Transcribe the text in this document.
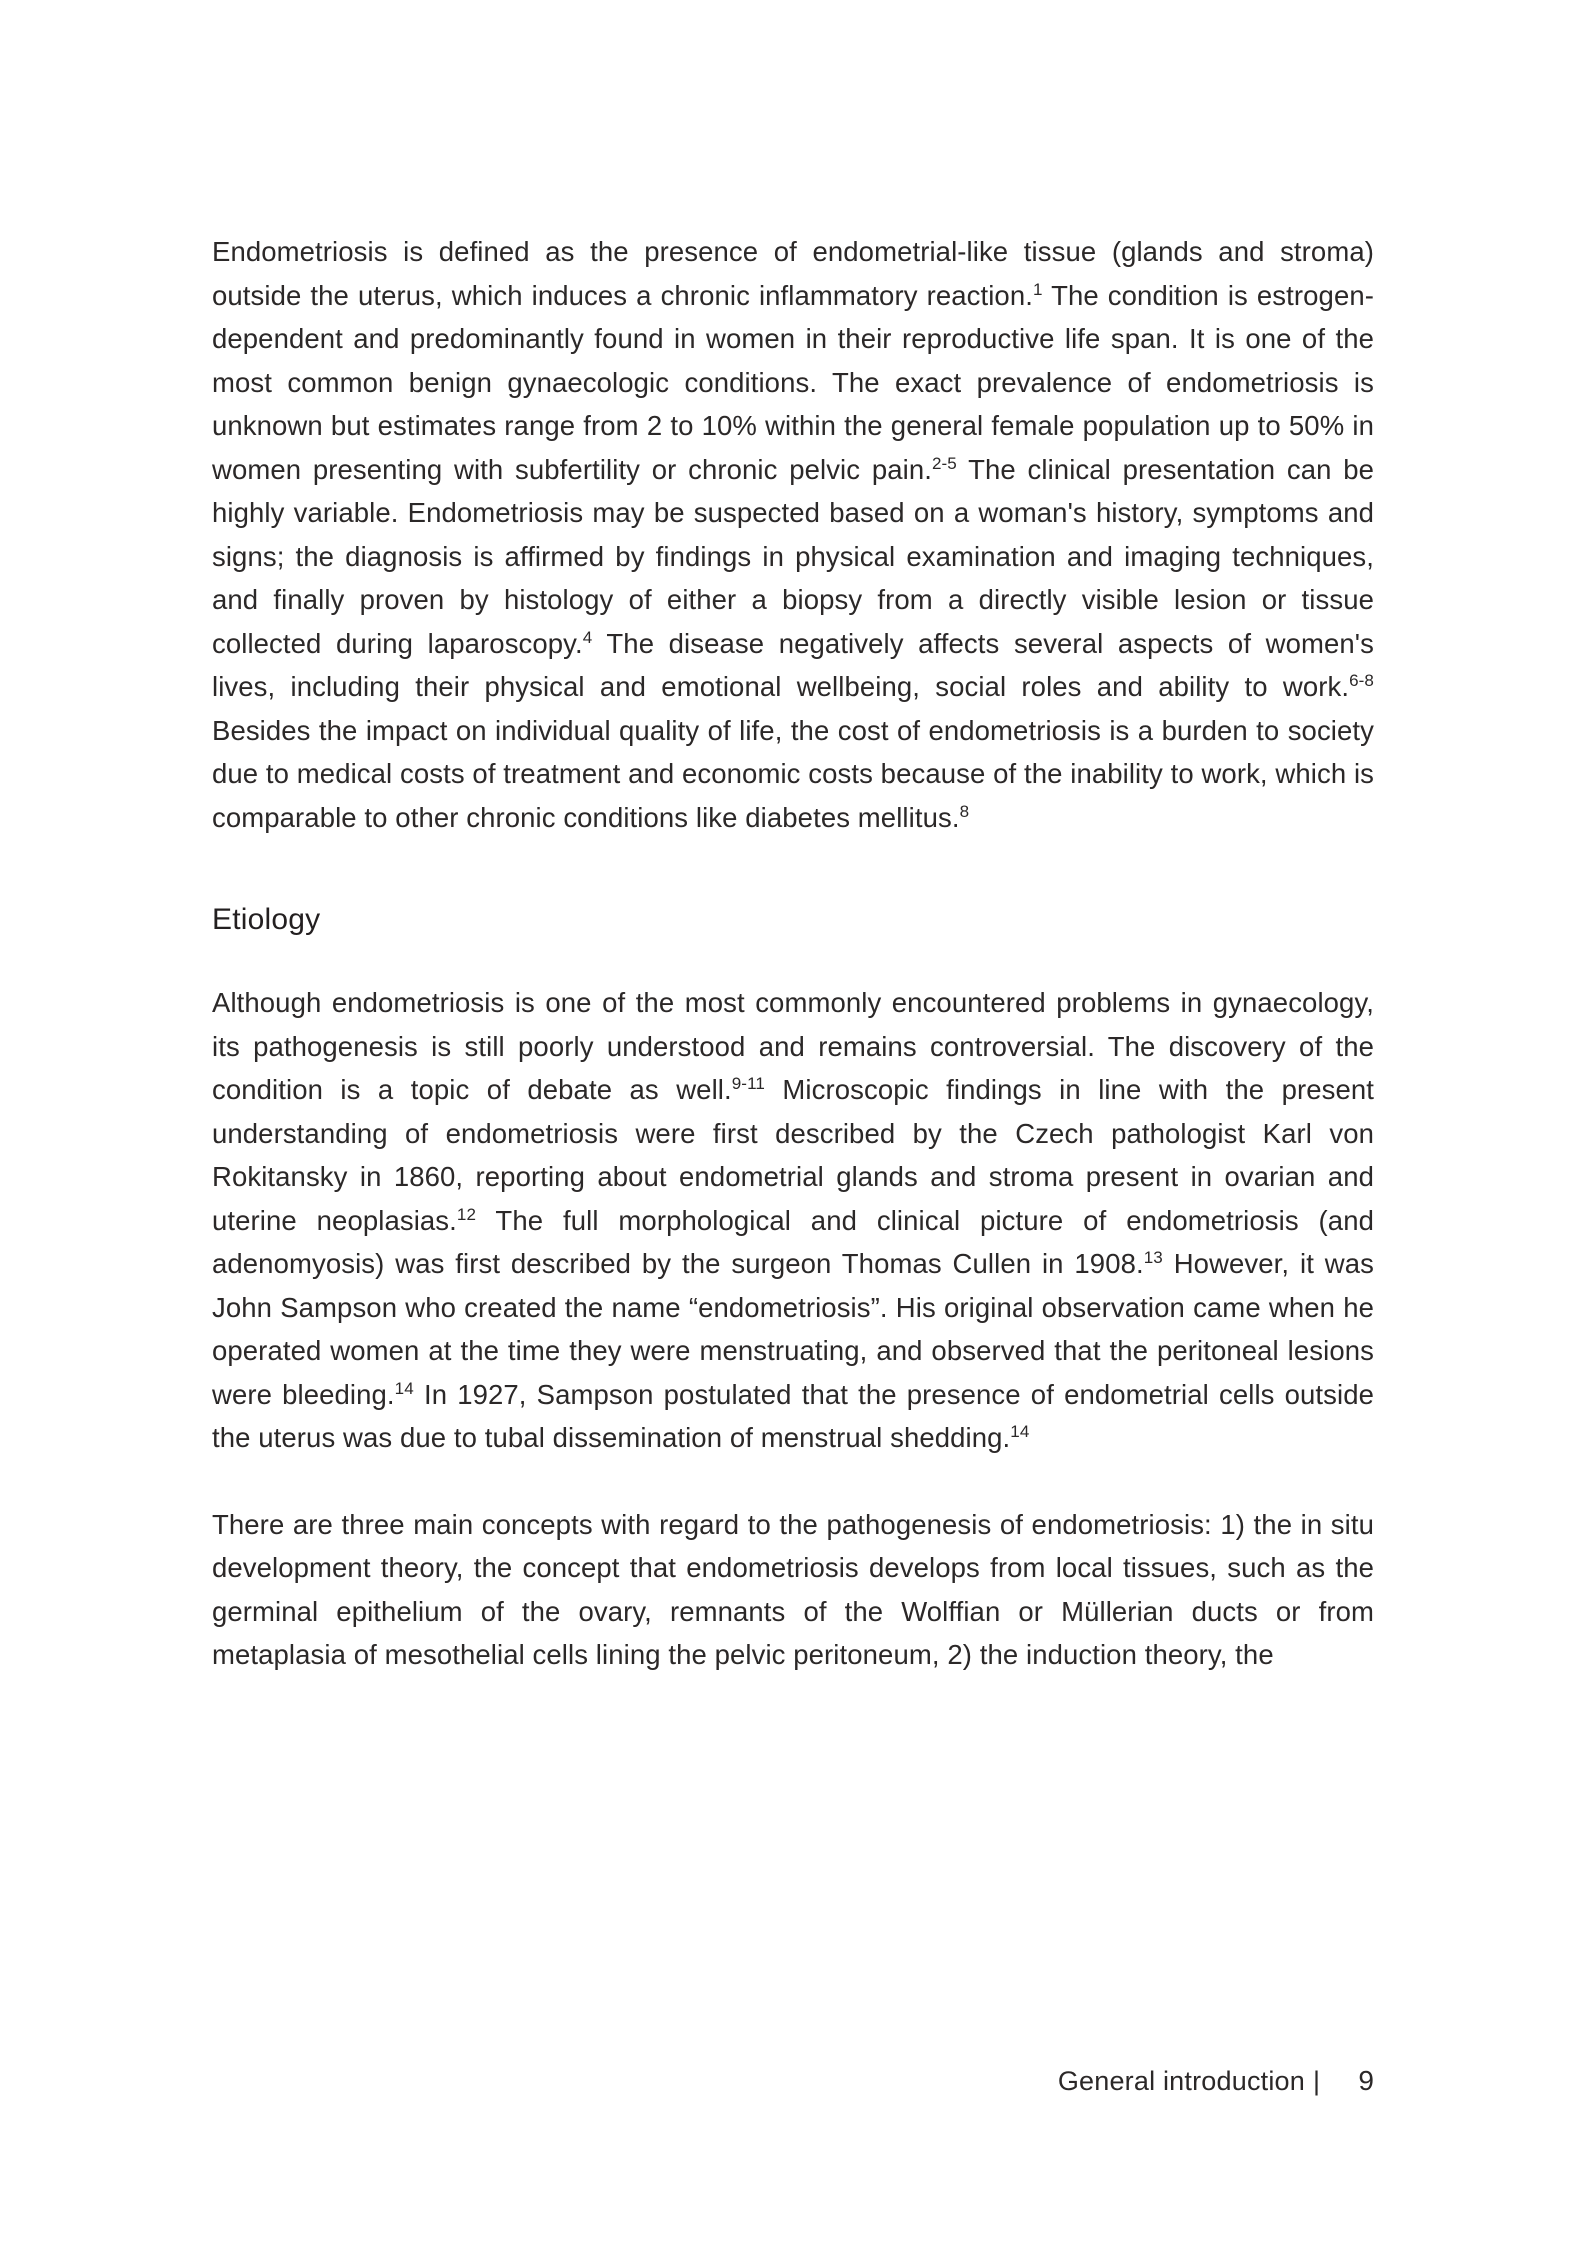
Endometriosis is defined as the presence of endometrial-like tissue (glands and stroma) outside the uterus, which induces a chronic inflammatory reaction.$^1$ The condition is estrogen-dependent and predominantly found in women in their reproductive life span. It is one of the most common benign gynaecologic conditions. The exact prevalence of endometriosis is unknown but estimates range from 2 to 10% within the general female population up to 50% in women presenting with subfertility or chronic pelvic pain.$^{2-5}$ The clinical presentation can be highly variable. Endometriosis may be suspected based on a woman's history, symptoms and signs; the diagnosis is affirmed by findings in physical examination and imaging techniques, and finally proven by histology of either a biopsy from a directly visible lesion or tissue collected during laparoscopy.$^4$ The disease negatively affects several aspects of women's lives, including their physical and emotional wellbeing, social roles and ability to work.$^{6-8}$ Besides the impact on individual quality of life, the cost of endometriosis is a burden to society due to medical costs of treatment and economic costs because of the inability to work, which is comparable to other chronic conditions like diabetes mellitus.$^8$

Etiology

Although endometriosis is one of the most commonly encountered problems in gynaecology, its pathogenesis is still poorly understood and remains controversial. The discovery of the condition is a topic of debate as well.$^{9-11}$ Microscopic findings in line with the present understanding of endometriosis were first described by the Czech pathologist Karl von Rokitansky in 1860, reporting about endometrial glands and stroma present in ovarian and uterine neoplasias.$^{12}$ The full morphological and clinical picture of endometriosis (and adenomyosis) was first described by the surgeon Thomas Cullen in 1908.13 However, it was John Sampson who created the name “endometriosis”. His original observation came when he operated women at the time they were menstruating, and observed that the peritoneal lesions were bleeding.$^{14}$ In 1927, Sampson postulated that the presence of endometrial cells outside the uterus was due to tubal dissemination of menstrual shedding.$^{14}$

There are three main concepts with regard to the pathogenesis of endometriosis: 1) the in situ development theory, the concept that endometriosis develops from local tissues, such as the germinal epithelium of the ovary, remnants of the Wolffian or Müllerian ducts or from metaplasia of mesothelial cells lining the pelvic peritoneum, 2) the induction theory, the

General introduction |	9
